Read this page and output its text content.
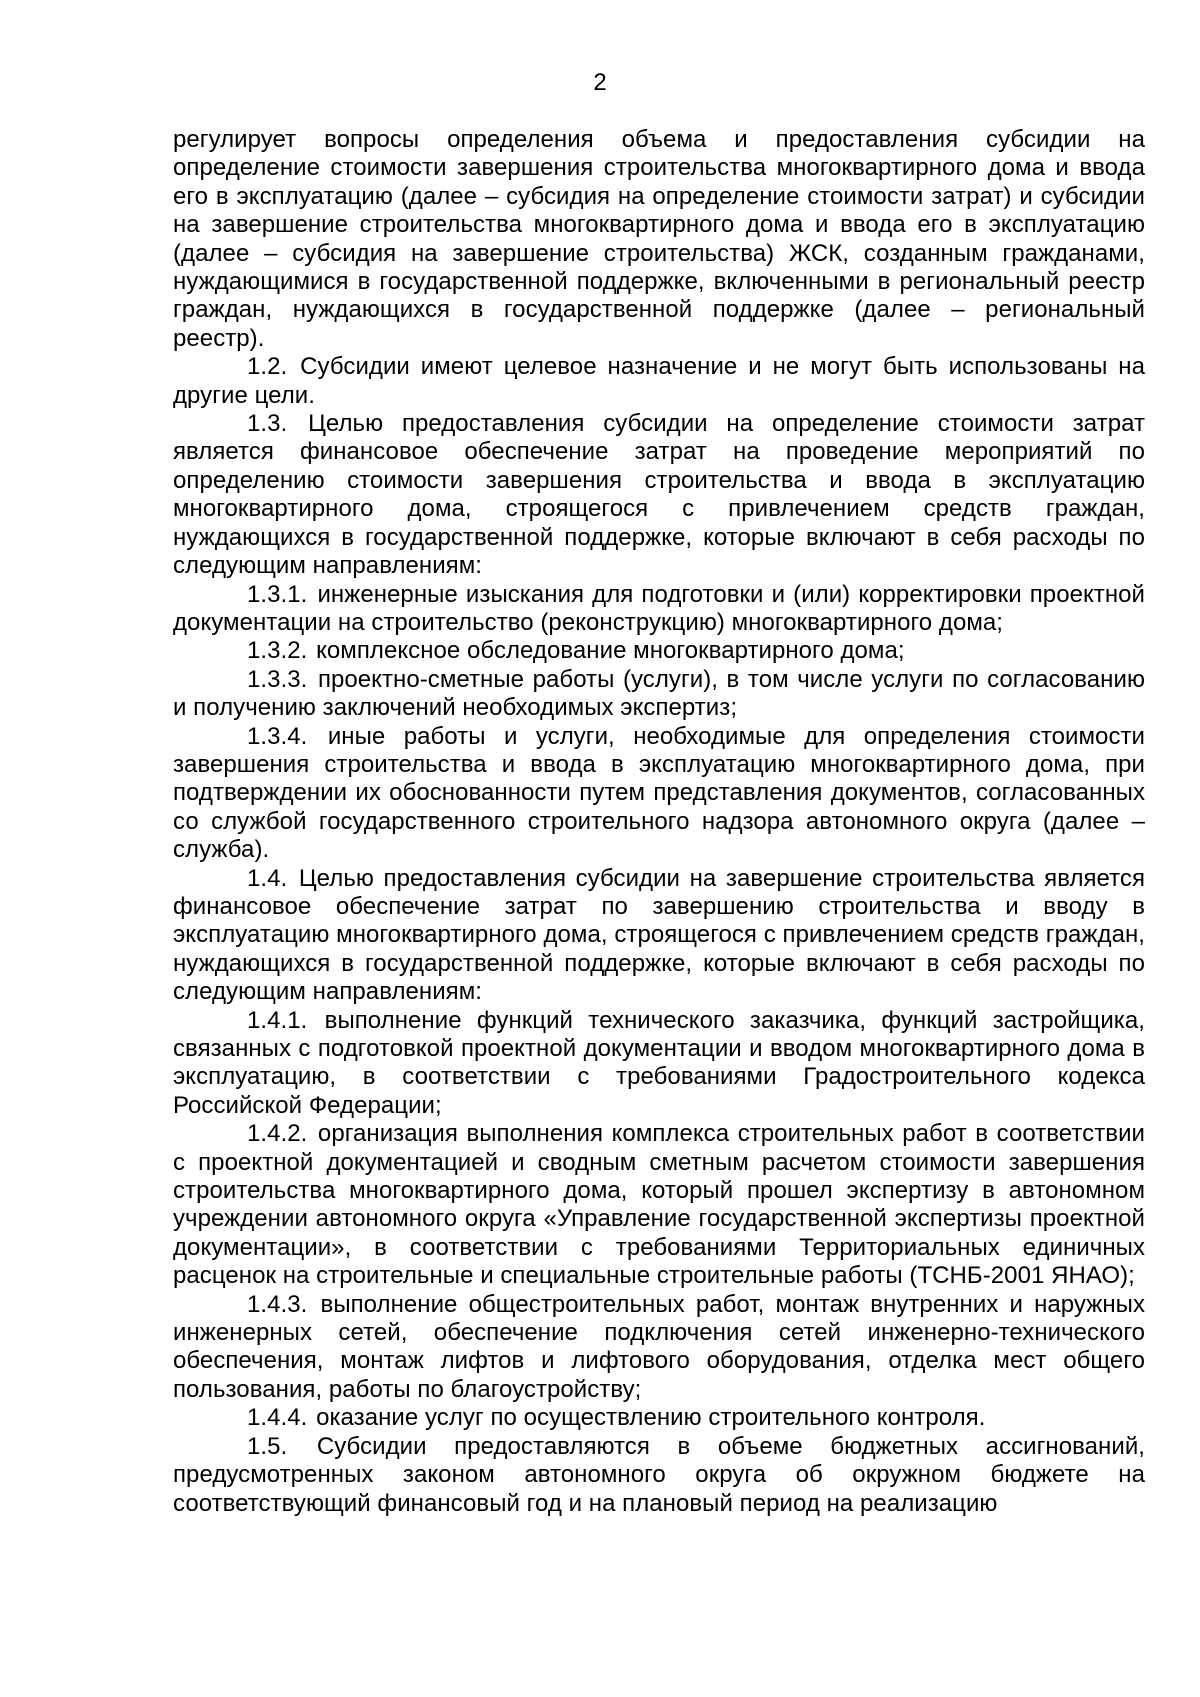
2

регулирует вопросы определения объема и предоставления субсидии на определение стоимости завершения строительства многоквартирного дома и ввода его в эксплуатацию (далее – субсидия на определение стоимости затрат) и субсидии на завершение строительства многоквартирного дома и ввода его в эксплуатацию (далее – субсидия на завершение строительства) ЖСК, созданным гражданами, нуждающимися в государственной поддержке, включенными в региональный реестр граждан, нуждающихся в государственной поддержке (далее – региональный реестр).

1.2. Субсидии имеют целевое назначение и не могут быть использованы на другие цели.

1.3. Целью предоставления субсидии на определение стоимости затрат является финансовое обеспечение затрат на проведение мероприятий по определению стоимости завершения строительства и ввода в эксплуатацию многоквартирного дома, строящегося с привлечением средств граждан, нуждающихся в государственной поддержке, которые включают в себя расходы по следующим направлениям:

1.3.1. инженерные изыскания для подготовки и (или) корректировки проектной документации на строительство (реконструкцию) многоквартирного дома;

1.3.2. комплексное обследование многоквартирного дома;

1.3.3. проектно-сметные работы (услуги), в том числе услуги по согласованию и получению заключений необходимых экспертиз;

1.3.4. иные работы и услуги, необходимые для определения стоимости завершения строительства и ввода в эксплуатацию многоквартирного дома, при подтверждении их обоснованности путем представления документов, согласованных со службой государственного строительного надзора автономного округа (далее – служба).

1.4. Целью предоставления субсидии на завершение строительства является финансовое обеспечение затрат по завершению строительства и вводу в эксплуатацию многоквартирного дома, строящегося с привлечением средств граждан, нуждающихся в государственной поддержке, которые включают в себя расходы по следующим направлениям:

1.4.1. выполнение функций технического заказчика, функций застройщика, связанных с подготовкой проектной документации и вводом многоквартирного дома в эксплуатацию, в соответствии с требованиями Градостроительного кодекса Российской Федерации;

1.4.2. организация выполнения комплекса строительных работ в соответствии с проектной документацией и сводным сметным расчетом стоимости завершения строительства многоквартирного дома, который прошел экспертизу в автономном учреждении автономного округа «Управление государственной экспертизы проектной документации», в соответствии с требованиями Территориальных единичных расценок на строительные и специальные строительные работы (ТСНБ-2001 ЯНАО);

1.4.3. выполнение общестроительных работ, монтаж внутренних и наружных инженерных сетей, обеспечение подключения сетей инженерно-технического обеспечения, монтаж лифтов и лифтового оборудования, отделка мест общего пользования, работы по благоустройству;

1.4.4. оказание услуг по осуществлению строительного контроля.

1.5. Субсидии предоставляются в объеме бюджетных ассигнований, предусмотренных законом автономного округа об окружном бюджете на соответствующий финансовый год и на плановый период на реализацию
